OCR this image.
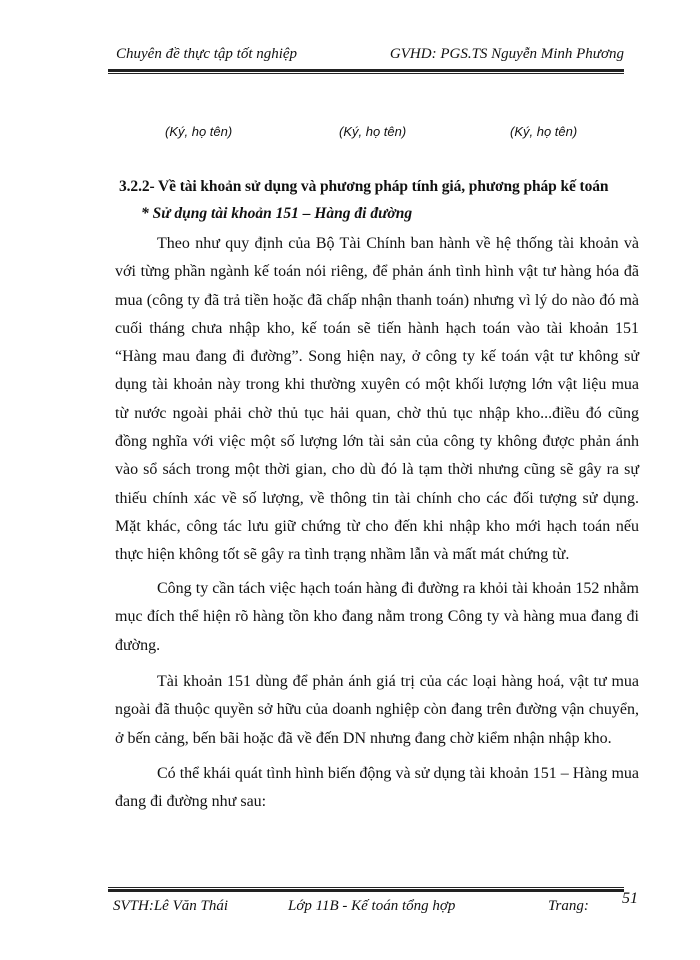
Chuyên đề thực tập tốt nghiệp	GVHD: PGS.TS Nguyễn Minh Phương
(Ký, họ tên)	(Ký, họ tên)	(Ký, họ tên)
3.2.2- Về tài khoản sử dụng và phương pháp tính giá, phương pháp kế toán
* Sử dụng tài khoản 151 – Hàng đi đường

Theo như quy định của Bộ Tài Chính ban hành về hệ thống tài khoản và với từng phần ngành kế toán nói riêng, để phản ánh tình hình vật tư hàng hóa đã mua (công ty đã trả tiền hoặc đã chấp nhận thanh toán) nhưng vì lý do nào đó mà cuối tháng chưa nhập kho, kế toán sẽ tiến hành hạch toán vào tài khoản 151 “Hàng mau đang đi đường”. Song hiện nay, ở công ty kế toán vật tư không sử dụng tài khoản này trong khi thường xuyên có một khối lượng lớn vật liệu mua từ nước ngoài phải chờ thủ tục hải quan, chờ thủ tục nhập kho...điều đó cũng đồng nghĩa với việc một số lượng lớn tài sản của công ty không được phản ánh vào sổ sách trong một thời gian, cho dù đó là tạm thời nhưng cũng sẽ gây ra sự thiếu chính xác về số lượng, về thông tin tài chính cho các đối tượng sử dụng. Mặt khác, công tác lưu giữ chứng từ cho đến khi nhập kho mới hạch toán nếu thực hiện không tốt sẽ gây ra tình trạng nhầm lẫn và mất mát chứng từ.

Công ty cần tách việc hạch toán hàng đi đường ra khỏi tài khoản 152 nhằm mục đích thể hiện rõ hàng tồn kho đang nằm trong Công ty và hàng mua đang đi đường.

Tài khoản 151 dùng để phản ánh giá trị của các loại hàng hoá, vật tư mua ngoài đã thuộc quyền sở hữu của doanh nghiệp còn đang trên đường vận chuyển, ở bến cảng, bến bãi hoặc đã về đến DN nhưng đang chờ kiểm nhận nhập kho.

Có thể khái quát tình hình biến động và sử dụng tài khoản 151 – Hàng mua đang đi đường như sau:

SVTH:Lê Văn Thái	Lớp 11B - Kế toán tổng hợp	Trang: 51
